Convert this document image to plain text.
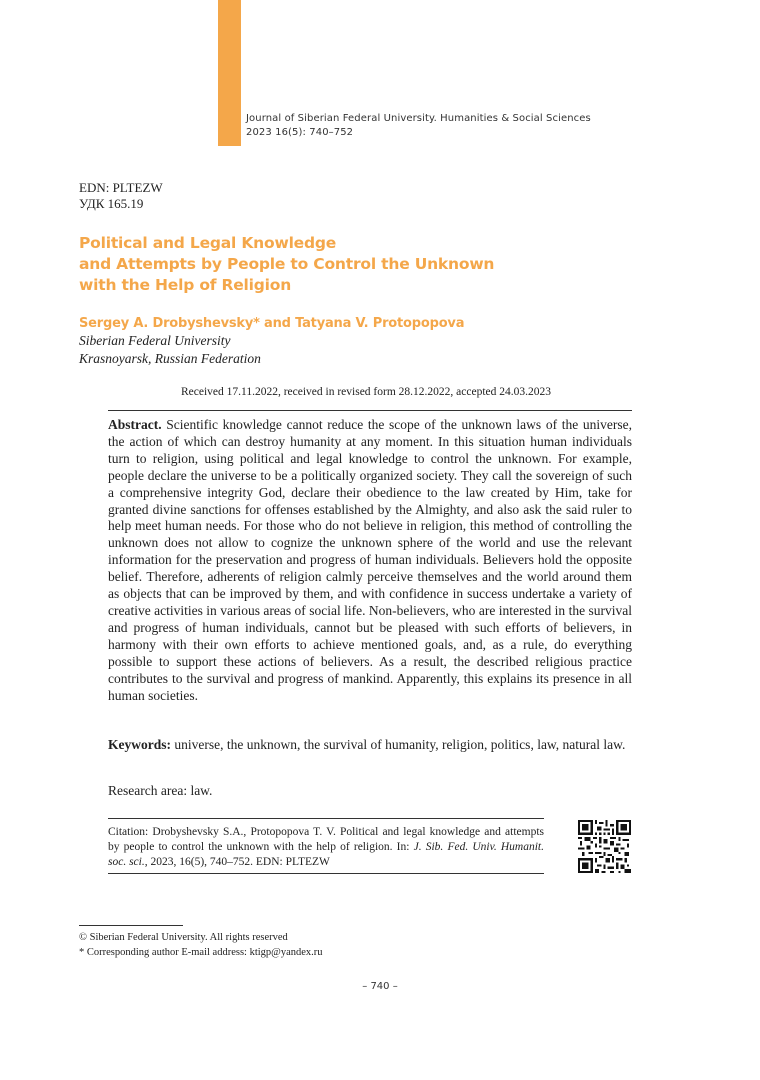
Journal of Siberian Federal University. Humanities & Social Sciences
2023 16(5): 740–752
EDN: PLTEZW
УДК 165.19
Political and Legal Knowledge
and Attempts by People to Control the Unknown
with the Help of Religion
Sergey A. Drobyshevsky* and Tatyana V. Protopopova
Siberian Federal University
Krasnoyarsk, Russian Federation
Received 17.11.2022, received in revised form 28.12.2022, accepted 24.03.2023
Abstract. Scientific knowledge cannot reduce the scope of the unknown laws of the universe, the action of which can destroy humanity at any moment. In this situation human individuals turn to religion, using political and legal knowledge to control the unknown. For example, people declare the universe to be a politically organized society. They call the sovereign of such a comprehensive integrity God, declare their obedience to the law created by Him, take for granted divine sanctions for offenses established by the Almighty, and also ask the said ruler to help meet human needs. For those who do not believe in religion, this method of controlling the unknown does not allow to cognize the unknown sphere of the world and use the relevant information for the preservation and progress of human individuals. Believers hold the opposite belief. Therefore, adherents of religion calmly perceive themselves and the world around them as objects that can be improved by them, and with confidence in success undertake a variety of creative activities in various areas of social life. Non-believers, who are interested in the survival and progress of human individuals, cannot but be pleased with such efforts of believers, in harmony with their own efforts to achieve mentioned goals, and, as a rule, do everything possible to support these actions of believers. As a result, the described religious practice contributes to the survival and progress of mankind. Apparently, this explains its presence in all human societies.
Keywords: universe, the unknown, the survival of humanity, religion, politics, law, natural law.
Research area: law.
Citation: Drobyshevsky S.A., Protopopova T. V. Political and legal knowledge and attempts by people to control the unknown with the help of religion. In: J. Sib. Fed. Univ. Humanit. soc. sci., 2023, 16(5), 740–752. EDN: PLTEZW
© Siberian Federal University. All rights reserved
* Corresponding author E-mail address: ktigp@yandex.ru
– 740 –
